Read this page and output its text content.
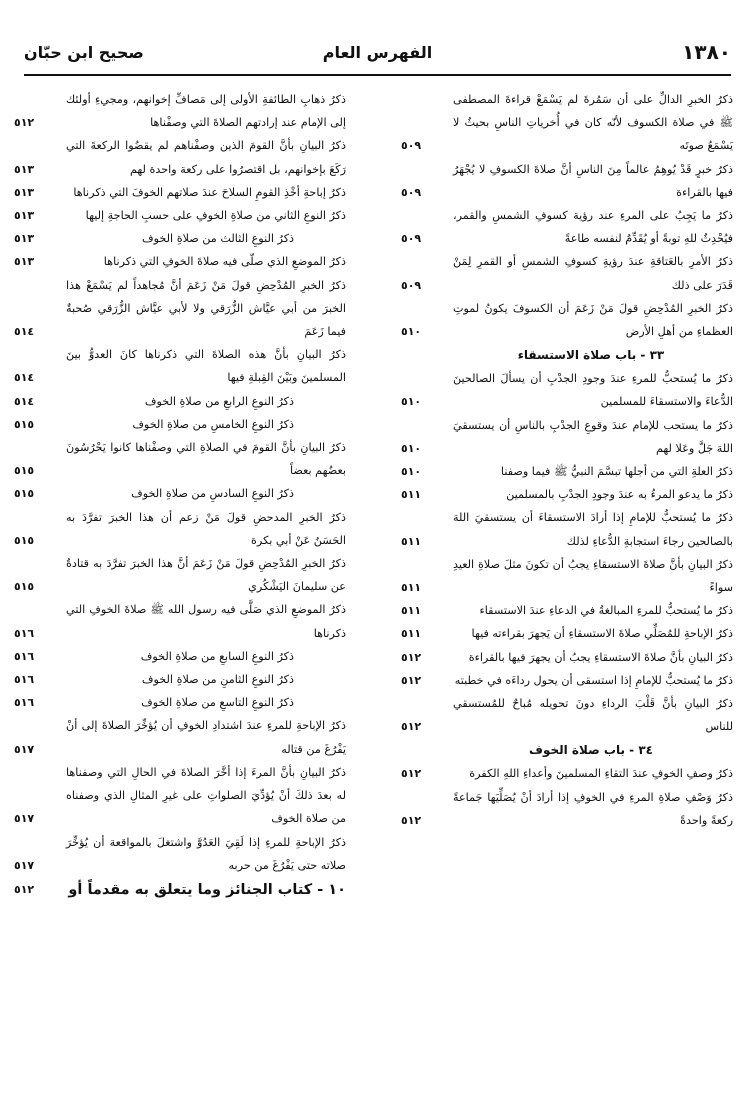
١٣٨٠
الفهرس العام
صحيح ابن حبّان
ذكرُ الخبرِ الدالِّ على أن سَمُرةَ لم يَسْمَعْ قراءةَ المصطفى ﷺ في صلاة الكسوف لأنّه كان في أُخرياتِ الناسِ بحيثُ لا يَسْمَعُ صوتَه
٥٠٩
ذكرُ خبرٍ قَدْ يُوهِمُ عالماً مِنَ الناسِ أنَّ صلاةَ الكسوفِ لا يُجْهَرُ فيها بالقراءة
٥٠٩
ذكرُ ما يَجِبُ على المرءِ عند رؤية كسوفِ الشمسِ والقمر، فيُحْدِثُ للهِ توبةً أو يُقَدِّمُ لنفسه طاعةً
٥٠٩
ذكرُ الأمرِ بالعَتاقةِ عندَ رؤيةِ كسوفِ الشمسِ أو القمرِ لِمَنْ قَدَرَ على ذلك
٥٠٩
ذكرُ الخبرِ المُدْحِضِ قولَ مَنْ زَعَمَ أن الكسوفَ يكونُ لموتِ العظماءِ من أهلِ الأرض
٥١٠
٣٣ - باب صلاة الاستسقاء
ذكرُ ما يُستحبُّ للمرءِ عندَ وجودِ الجدْبِ أن يسألَ الصالحينَ الدُّعاءَ والاستسقاءَ للمسلمين
٥١٠
ذكرُ ما يستحب للإمام عندَ وقوعِ الجدْبِ بالناسِ أن يستسقيَ اللهَ جَلَّ وعَلا لهم
٥١٠
ذكرُ العلةِ التي من أجلها تبسَّمَ النبيُّ ﷺ فيما وصفنا
٥١٠
ذكرُ ما يدعو المرءُ به عندَ وجودِ الجدْبِ بالمسلمين
٥١١
ذكرُ ما يُستحبُّ للإمامِ إذا أرادَ الاستسقاءَ أن يستسقيَ اللهَ بالصالحين رجاءَ استجابةِ الدُّعاءِ لذلك
٥١١
ذكرُ البيانِ بأنَّ صلاةَ الاستسقاءِ يجبُ أن تكونَ مثلَ صلاةِ العيدِ سواءً
٥١١
ذكرُ ما يُستحبُّ للمرءِ المبالغةُ في الدعاءِ عندَ الاستسقاء
٥١١
ذكرُ الإباحةِ للمُصَلِّي صلاةَ الاستسقاءِ أن يَجهرَ بقراءته فيها
٥١١
ذكرُ البيانِ بأنَّ صلاةَ الاستسقاءِ يجبُ أن يجهرَ فيها بالقراءة
٥١٢
ذكرُ ما يُستحبُّ للإمامِ إذا استسقى أن يحول رداءَه في خطبته
٥١٢
ذكرُ البيانِ بأنَّ قَلْبَ الرداءِ دونَ تحويله مُباحٌ للمُستسقي للناس
٥١٢
٣٤ - باب صلاة الخوف
ذكرُ وصفِ الخوفِ عندَ التقاءِ المسلمينَ وأعداءِ اللهِ الكفرة
٥١٢
ذكرُ وَصْفِ صلاةِ المرءِ في الخوفِ إذا أرادَ أنْ يُصَلِّيَها جَماعةً ركعةً واحدةً
٥١٢
ذكرُ ذهابِ الطائفةِ الأولى إلى مَصافِّ إخوانهم، ومجيءِ أولئك إلى الإمام عند إرادتهم الصلاةَ التي وصفْناها
٥١٢
ذكرُ البيانِ بأنَّ القومَ الذين وصفْناهم لم يقضُوا الركعةَ التي رَكَعَ بإخوانهم، بل اقتصرُوا على ركعة واحدة لهم
٥١٣
ذكرُ إباحةِ أخْذِ القومِ السلاحَ عندَ صلاتهم الخوفَ التي ذكرناها
٥١٣
ذكرُ النوعِ الثاني من صلاةِ الخوفِ على حسبِ الحاجةِ إليها
٥١٣
ذكرُ النوعِ الثالث من صلاةِ الخوف
٥١٣
ذكرُ الموضعِ الذي صلّى فيه صلاةَ الخوفِ التي ذكرناها
٥١٣
ذكرُ الخبرِ المُدْحِضِ قولَ مَنْ زَعَمَ أنَّ مُجاهداً لم يَسْمَعْ هذا الخبرَ من أبي عيَّاش الزُّرَقي ولا لأبي عيَّاش الزُّرَقي صُحبةٌ فيما زَعَمَ
٥١٤
ذكرُ البيانِ بأنَّ هذه الصلاةَ التي ذكرناها كانَ العدوُّ بينَ المسلمينَ وبَيْنَ القِبلةِ فيها
٥١٤
ذكرُ النوعِ الرابعِ من صلاةِ الخوف
٥١٤
ذكرُ النوعِ الخامسِ من صلاةِ الخوف
٥١٥
ذكرُ البيانِ بأنَّ القومَ في الصلاةِ التي وصفْناها كانوا يَحْرُسُونَ بعضُهم بعضاً
٥١٥
ذكرُ النوعِ السادسِ من صلاةِ الخوف
٥١٥
ذكرُ الخبرِ المدحضِ قولَ مَنْ زعم أن هذا الخبرَ تفرَّدَ به الحَسَنُ عَنْ أبي بكرة
٥١٥
ذكرُ الخبرِ المُدْحِضِ قولَ مَنْ زَعَمَ أنَّ هذا الخبرَ تفرَّدَ به قتادةُ عن سليمانَ اليَشْكُري
٥١٥
ذكرُ الموضعِ الذي صَلَّى فيه رسول الله ﷺ صلاةَ الخوفِ التي ذكرناها
٥١٦
ذكرُ النوعِ السابعِ من صلاةِ الخوف
٥١٦
ذكرُ النوعِ الثامنِ من صلاةِ الخوف
٥١٦
ذكرُ النوعِ التاسعِ من صلاةِ الخوف
٥١٦
ذكرُ الإباحةِ للمرءِ عندَ اشتدادِ الخوفِ أن يُؤخِّرَ الصلاةَ إلى أنْ يَفْرُغَ من قتاله
٥١٧
ذكرُ البيانِ بأنَّ المرءَ إذا أخَّرَ الصلاةَ في الحالِ التي وصفناها له بعدَ ذلكَ أنْ يُؤدِّيَ الصلواتِ على غيرِ المثالِ الذي وصفناه من صلاة الخوف
٥١٧
ذكرُ الإباحةِ للمرءِ إذا لَقِيَ العَدُوَّ واشتغلَ بالمواقعة أن يُؤخِّرَ صلاته حتى يَفْرُغَ من حربه
٥١٧
١٠ - كتاب الجنائز وما يتعلق به مقدماً أو
٥١٢
